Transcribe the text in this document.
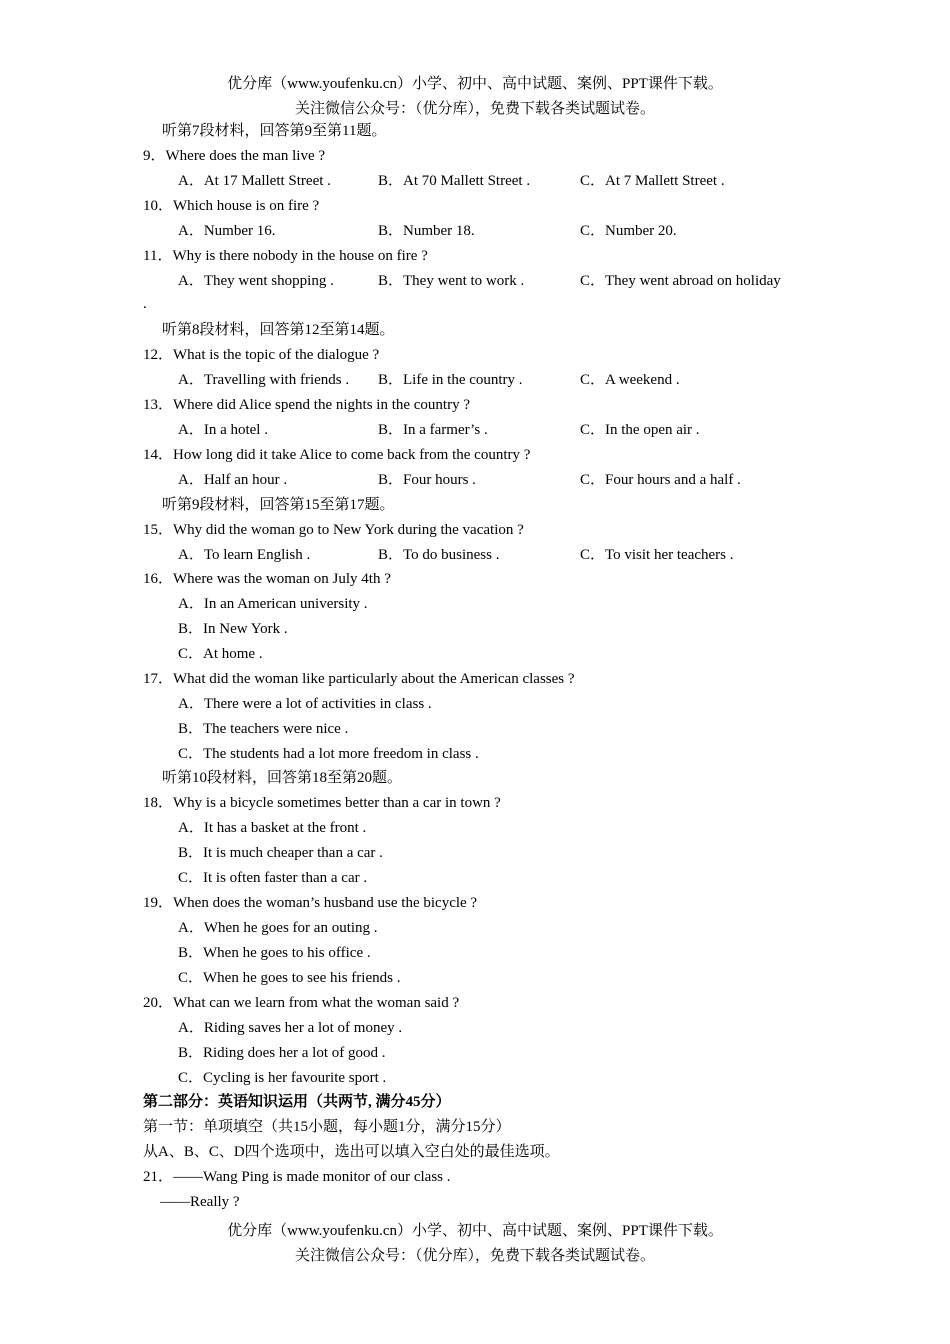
优分库（www.youfenku.cn）小学、初中、高中试题、案例、PPT课件下载。
关注微信公众号：（优分库），免费下载各类试题试卷。
听第7段材料，回答第9至第11题。
9．Where does the man live ?
A．At 17 Mallett Street .	B．At 70 Mallett Street .	C．At 7 Mallett Street .
10．Which house is on fire ?
A．Number 16.	B．Number 18.	C．Number 20.
11．Why is there nobody in the house on fire ?
A．They went shopping .	B．They went to work .	C．They went abroad on holiday
.
听第8段材料，回答第12至第14题。
12．What is the topic of the dialogue ?
A．Travelling with friends . B．Life in the country .	C．A weekend .
13．Where did Alice spend the nights in the country ?
A．In a hotel .	B．In a farmer’s .	C．In the open air .
14．How long did it take Alice to come back from the country ?
A．Half an hour .	B．Four hours .	C．Four hours and a half .
听第9段材料，回答第15至第17题。
15．Why did the woman go to New York during the vacation ?
A．To learn English .	B．To do business .	C．To visit her teachers .
16．Where was the woman on July 4th ?
A．In an American university .
B．In New York .
C．At home .
17．What did the woman like particularly about the American classes ?
A．There were a lot of activities in class .
B．The teachers were nice .
C．The students had a lot more freedom in class .
听第10段材料，回答第18至第20题。
18．Why is a bicycle sometimes better than a car in town ?
A．It has a basket at the front .
B．It is much cheaper than a car .
C．It is often faster than a car .
19．When does the woman’s husband use the bicycle ?
A．When he goes for an outing .
B．When he goes to his office .
C．When he goes to see his friends .
20．What can we learn from what the woman said ?
A．Riding saves her a lot of money .
B．Riding does her a lot of good .
C．Cycling is her favourite sport .
第二部分：英语知识运用（共两节, 满分45分）
第一节：单项填空（共15小题，每小题1分，满分15分）
从A、B、C、D四个选项中，选出可以填入空白处的最佳选项。
21．——Wang Ping is made monitor of our class .
——Really ?
优分库（www.youfenku.cn）小学、初中、高中试题、案例、PPT课件下载。
关注微信公众号：（优分库），免费下载各类试题试卷。
